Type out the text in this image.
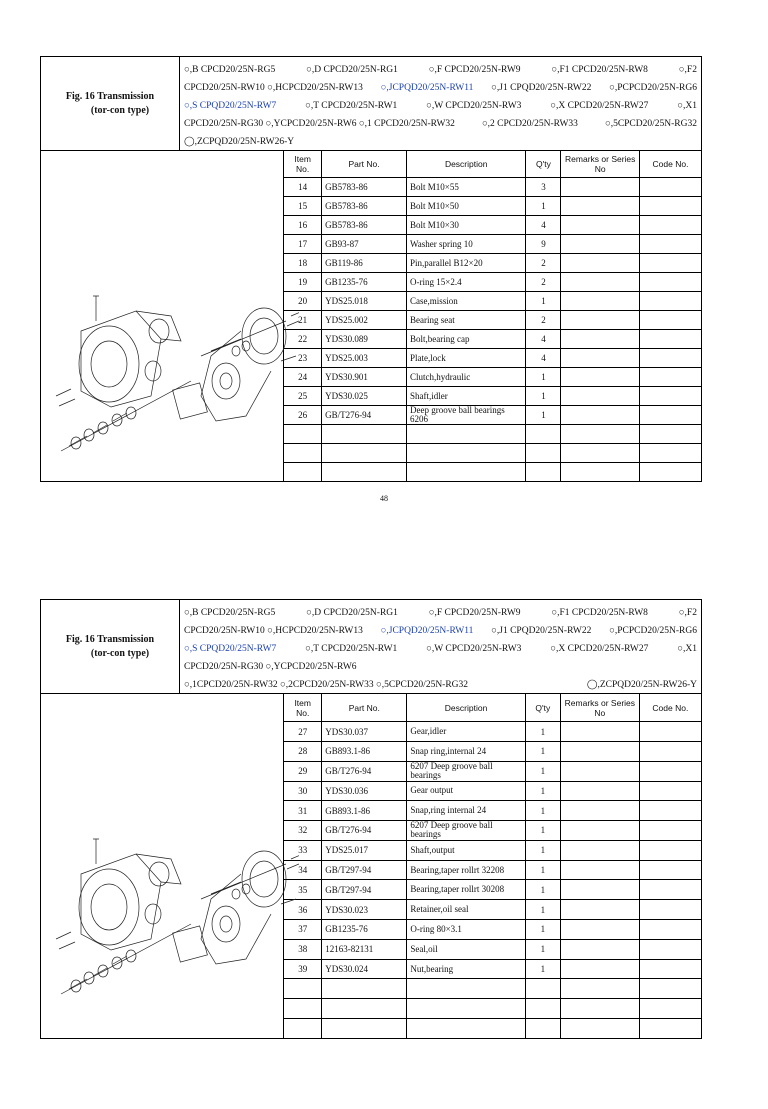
Fig. 16 Transmission
(tor-con type)
○,B CPCD20/25N-RG5	○,D CPCD20/25N-RG1	○,F CPCD20/25N-RW9	○,F1 CPCD20/25N-RW8	○,F2
CPCD20/25N-RW10 ○,HCPCD20/25N-RW13 ○,JCPQD20/25N-RW11 ○,J1 CPQD20/25N-RW22 ○,PCPCD20/25N-RG6
○,S CPQD20/25N-RW7	○,T CPCD20/25N-RW1	○,W CPCD20/25N-RW3	○,X CPCD20/25N-RW27	○,X1
CPCD20/25N-RG30 ○,YCPCD20/25N-RW6 ○,1 CPCD20/25N-RW32	○,2 CPCD20/25N-RW33	○,5CPCD20/25N-RG32
◯,ZCPQD20/25N-RW26-Y
Item No.	Part No.	Description	Q'ty	Remarks or Series No	Code No.
14	GB5783-86	Bolt M10×55	3		
15	GB5783-86	Bolt M10×50	1		
16	GB5783-86	Bolt M10×30	4		
17	GB93-87	Washer spring 10	9		
18	GB119-86	Pin,parallel B12×20	2		
19	GB1235-76	O-ring 15×2.4	2		
20	YDS25.018	Case,mission	1		
21	YDS25.002	Bearing seat	2		
22	YDS30.089	Bolt,bearing cap	4		
23	YDS25.003	Plate,lock	4		
24	YDS30.901	Clutch,hydraulic	1		
25	YDS30.025	Shaft,idler	1		
26	GB/T276-94	Deep groove ball bearings 6206	1		

48
Fig. 16 Transmission
(tor-con type)
○,B CPCD20/25N-RG5	○,D CPCD20/25N-RG1	○,F CPCD20/25N-RW9	○,F1 CPCD20/25N-RW8	○,F2
CPCD20/25N-RW10 ○,HCPCD20/25N-RW13 ○,JCPQD20/25N-RW11 ○,J1 CPQD20/25N-RW22 ○,PCPCD20/25N-RG6
○,S CPQD20/25N-RW7	○,T CPCD20/25N-RW1	○,W CPCD20/25N-RW3	○,X CPCD20/25N-RW27	○,X1
CPCD20/25N-RG30 ○,YCPCD20/25N-RW6
○,1CPCD20/25N-RW32 ○,2CPCD20/25N-RW33 ○,5CPCD20/25N-RG32	◯,ZCPQD20/25N-RW26-Y
Item No.	Part No.	Description	Q'ty	Remarks or Series No	Code No.
27	YDS30.037	Gear,idler	1		
28	GB893.1-86	Snap ring,internal 24	1		
29	GB/T276-94	6207 Deep groove ball bearings	1		
30	YDS30.036	Gear output	1		
31	GB893.1-86	Snap,ring internal 24	1		
32	GB/T276-94	6207 Deep groove ball bearings	1		
33	YDS25.017	Shaft,output	1		
34	GB/T297-94	Bearing,taper rollrt 32208	1		
35	GB/T297-94	Bearing,taper rollrt 30208	1		
36	YDS30.023	Retainer,oil seal	1		
37	GB1235-76	O-ring 80×3.1	1		
38	12163-82131	Seal,oil	1		
39	YDS30.024	Nut,bearing	1		
